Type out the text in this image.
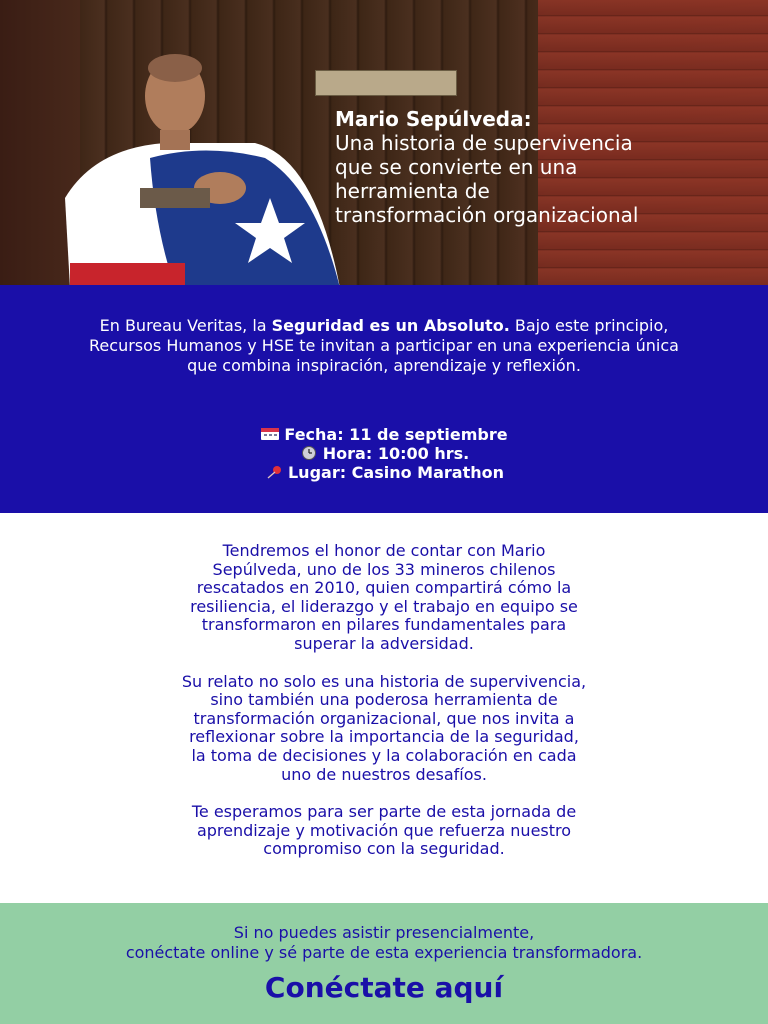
Mario Sepúlveda:
Una historia de supervivencia
que se convierte en una
herramienta de
transformación organizacional
En Bureau Veritas, la Seguridad es un Absoluto. Bajo este principio, Recursos Humanos y HSE te invitan a participar en una experiencia única que combina inspiración, aprendizaje y reflexión.
Fecha: 11 de septiembre
Hora: 10:00 hrs.
Lugar: Casino Marathon

Tendremos el honor de contar con Mario
Sepúlveda, uno de los 33 mineros chilenos
rescatados en 2010, quien compartirá cómo la
resiliencia, el liderazgo y el trabajo en equipo se
transformaron en pilares fundamentales para
superar la adversidad.

Su relato no solo es una historia de supervivencia,
sino también una poderosa herramienta de
transformación organizacional, que nos invita a
reflexionar sobre la importancia de la seguridad,
la toma de decisiones y la colaboración en cada
uno de nuestros desafíos.

Te esperamos para ser parte de esta jornada de
aprendizaje y motivación que refuerza nuestro
compromiso con la seguridad.

Si no puedes asistir presencialmente,
conéctate online y sé parte de esta experiencia transformadora.
Conéctate aquí
